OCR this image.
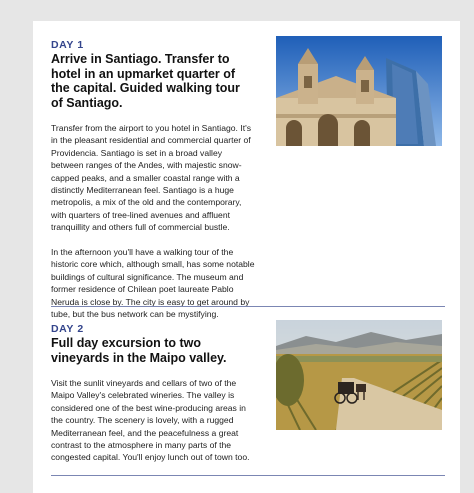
DAY 1
Arrive in Santiago. Transfer to hotel in an upmarket quarter of the capital. Guided walking tour of Santiago.

Transfer from the airport to you hotel in Santiago. It's in the pleasant residential and commercial quarter of Providencia. Santiago is set in a broad valley between ranges of the Andes, with majestic snow-capped peaks, and a smaller coastal range with a distinctly Mediterranean feel. Santiago is a huge metropolis, a mix of the old and the contemporary, with quarters of tree-lined avenues and affluent tranquillity and others full of commercial bustle.

In the afternoon you'll have a walking tour of the historic core which, although small, has some notable buildings of cultural significance. The museum and former residence of Chilean poet laureate Pablo Neruda is close by. The city is easy to get around by tube, but the bus network can be mystifying.

DAY 2
Full day excursion to two vineyards in the Maipo valley.

Visit the sunlit vineyards and cellars of two of the Maipo Valley's celebrated wineries. The valley is considered one of the best wine-producing areas in the country. The scenery is lovely, with a rugged Mediterranean feel, and the peacefulness a great contrast to the atmosphere in many parts of the congested capital. You'll enjoy lunch out of town too.
